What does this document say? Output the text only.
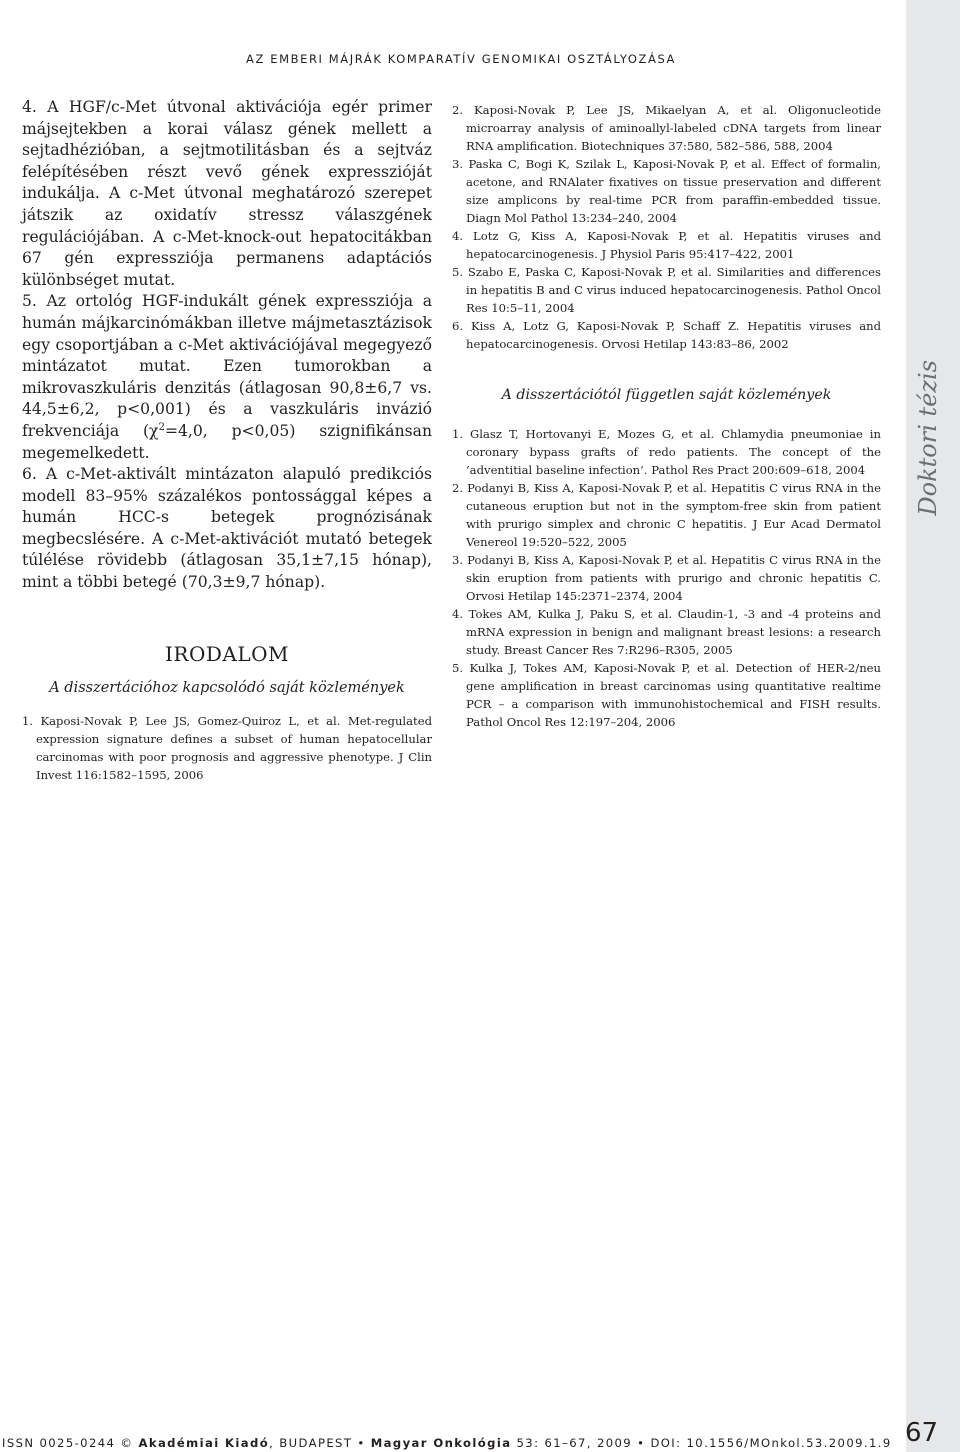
AZ EMBERI MÁJRÁK KOMPARATÍV GENOMIKAI OSZTÁLYOZÁSA
Doktori tézis

4. A HGF/c-Met útvonal aktivációja egér primer májsejtekben a korai válasz gének mellett a sejtadhézióban, a sejtmotilitásban és a sejtváz felépítésében részt vevő gének expresszióját indukálja. A c-Met útvonal meghatározó szerepet játszik az oxidatív stressz válaszgének regulációjában. A c-Met-knock-out hepatocitákban 67 gén expressziója permanens adaptációs különbséget mutat.

5. Az ortológ HGF-indukált gének expressziója a humán májkarcinómákban illetve májmetasztázisok egy csoportjában a c-Met aktivációjával megegyező mintázatot mutat. Ezen tumorokban a mikrovaszkuláris denzitás (átlagosan 90,8±6,7 vs. 44,5±6,2, p<0,001) és a vaszkuláris invázió frekvenciája ($\chi^2=4,0$, p<0,05) szignifikánsan megemelkedett.

6. A c-Met-aktivált mintázaton alapuló predikciós modell 83–95% százalékos pontossággal képes a humán HCC-s betegek prognózisának megbecslésére. A c-Met-aktivációt mutató betegek túlélése rövidebb (átlagosan 35,1±7,15 hónap), mint a többi betegé (70,3±9,7 hónap).

IRODALOM
A disszertációhoz kapcsolódó saját közlemények

1. Kaposi-Novak P, Lee JS, Gomez-Quiroz L, et al. Met-regulated expression signature defines a subset of human hepatocellular carcinomas with poor prognosis and aggressive phenotype. J Clin Invest 116:1582–1595, 2006

2. Kaposi-Novak P, Lee JS, Mikaelyan A, et al. Oligonucleotide microarray analysis of aminoallyl-labeled cDNA targets from linear RNA amplification. Biotechniques 37:580, 582–586, 588, 2004

3. Paska C, Bogi K, Szilak L, Kaposi-Novak P, et al. Effect of formalin, acetone, and RNAlater fixatives on tissue preservation and different size amplicons by real-time PCR from paraffin-embedded tissue. Diagn Mol Pathol 13:234–240, 2004

4. Lotz G, Kiss A, Kaposi-Novak P, et al. Hepatitis viruses and hepatocarcinogenesis. J Physiol Paris 95:417–422, 2001

5. Szabo E, Paska C, Kaposi-Novak P, et al. Similarities and differences in hepatitis B and C virus induced hepatocarcinogenesis. Pathol Oncol Res 10:5–11, 2004

6. Kiss A, Lotz G, Kaposi-Novak P, Schaff Z. Hepatitis viruses and hepatocarcinogenesis. Orvosi Hetilap 143:83–86, 2002

A disszertációtól független saját közlemények

1. Glasz T, Hortovanyi E, Mozes G, et al. Chlamydia pneumoniae in coronary bypass grafts of redo patients. The concept of the ‘adventitial baseline infection’. Pathol Res Pract 200:609–618, 2004

2. Podanyi B, Kiss A, Kaposi-Novak P, et al. Hepatitis C virus RNA in the cutaneous eruption but not in the symptom-free skin from patient with prurigo simplex and chronic C hepatitis. J Eur Acad Dermatol Venereol 19:520–522, 2005

3. Podanyi B, Kiss A, Kaposi-Novak P, et al. Hepatitis C virus RNA in the skin eruption from patients with prurigo and chronic hepatitis C. Orvosi Hetilap 145:2371–2374, 2004

4. Tokes AM, Kulka J, Paku S, et al. Claudin-1, -3 and -4 proteins and mRNA expression in benign and malignant breast lesions: a research study. Breast Cancer Res 7:R296–R305, 2005

5. Kulka J, Tokes AM, Kaposi-Novak P, et al. Detection of HER-2/neu gene amplification in breast carcinomas using quantitative realtime PCR – a comparison with immunohistochemical and FISH results. Pathol Oncol Res 12:197–204, 2006

ISSN 0025-0244 © Akadémiai Kiadó, BUDAPEST • Magyar Onkológia 53: 61–67, 2009 • DOI: 10.1556/MOnkol.53.2009.1.9 67
